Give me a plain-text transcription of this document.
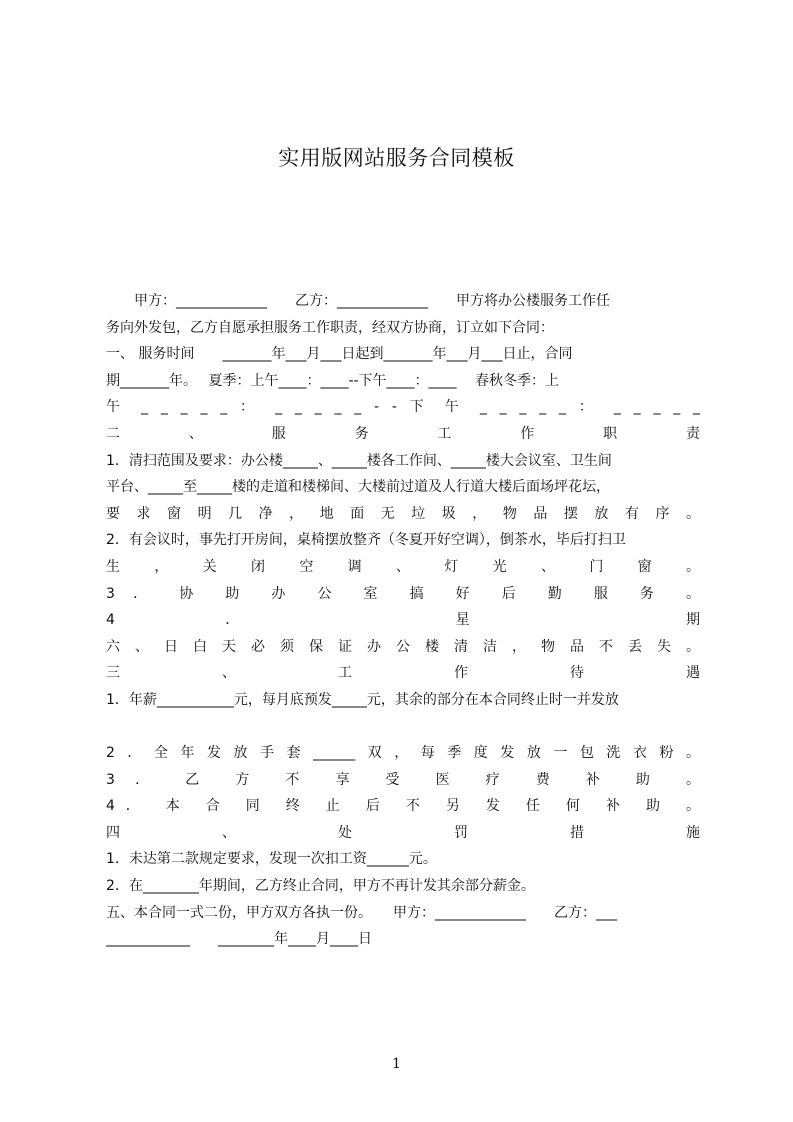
实用版网站服务合同模板
　　甲方：_____________　　乙方：_____________　　甲方将办公楼服务工作任
务向外发包，乙方自愿承担服务工作职责，经双方协商，订立如下合同：
一、 服务时间　　_______年___月___日起到_______年___月___日止，合同
期_______年。　 夏季：上午____：____--下午____：____　 春秋冬季：上
午 _ _ _ _ _ ： _ _ _ _ _ - - 下 午 _ _ _ _ _ ： _ _ _ _ _
二 、 服 务 工 作 职 责
1．清扫范围及要求：办公楼_____、_____楼各工作间、_____楼大会议室、卫生间
平台、_____至_____楼的走道和楼梯间、大楼前过道及人行道大楼后面场坪花坛，
要 求 窗 明 几 净 ， 地 面 无 垃 圾 ， 物 品 摆 放 有 序 。
2．有会议时，事先打开房间，桌椅摆放整齐（冬夏开好空调），倒茶水，毕后打扫卫
生 ， 关 闭 空 调 、 灯 光 、 门 窗 。
3 ． 协 助 办 公 室 搞 好 后 勤 服 务 。
4 ． 星 期
六 、 日 白 天 必 须 保 证 办 公 楼 清 洁 ， 物 品 不 丢 失 。
三 、 工 作 待 遇
1．年薪___________元，每月底预发_____元，其余的部分在本合同终止时一并发放
2．全年发放手套______双，每季度发放一包洗衣粉。
3 ． 乙 方 不 享 受 医 疗 费 补 助 。
4． 本 合 同 终 止 后 不 另 发 任 何 补 助 。
四 、 处 罚 措 施
1．未达第二款规定要求，发现一次扣工资______元。
2．在________年期间，乙方终止合同，甲方不再计发其余部分薪金。
五、本合同一式二份，甲方双方各执一份。　　甲方：_____________　　乙方：___
____________　　________年____月____日
1
